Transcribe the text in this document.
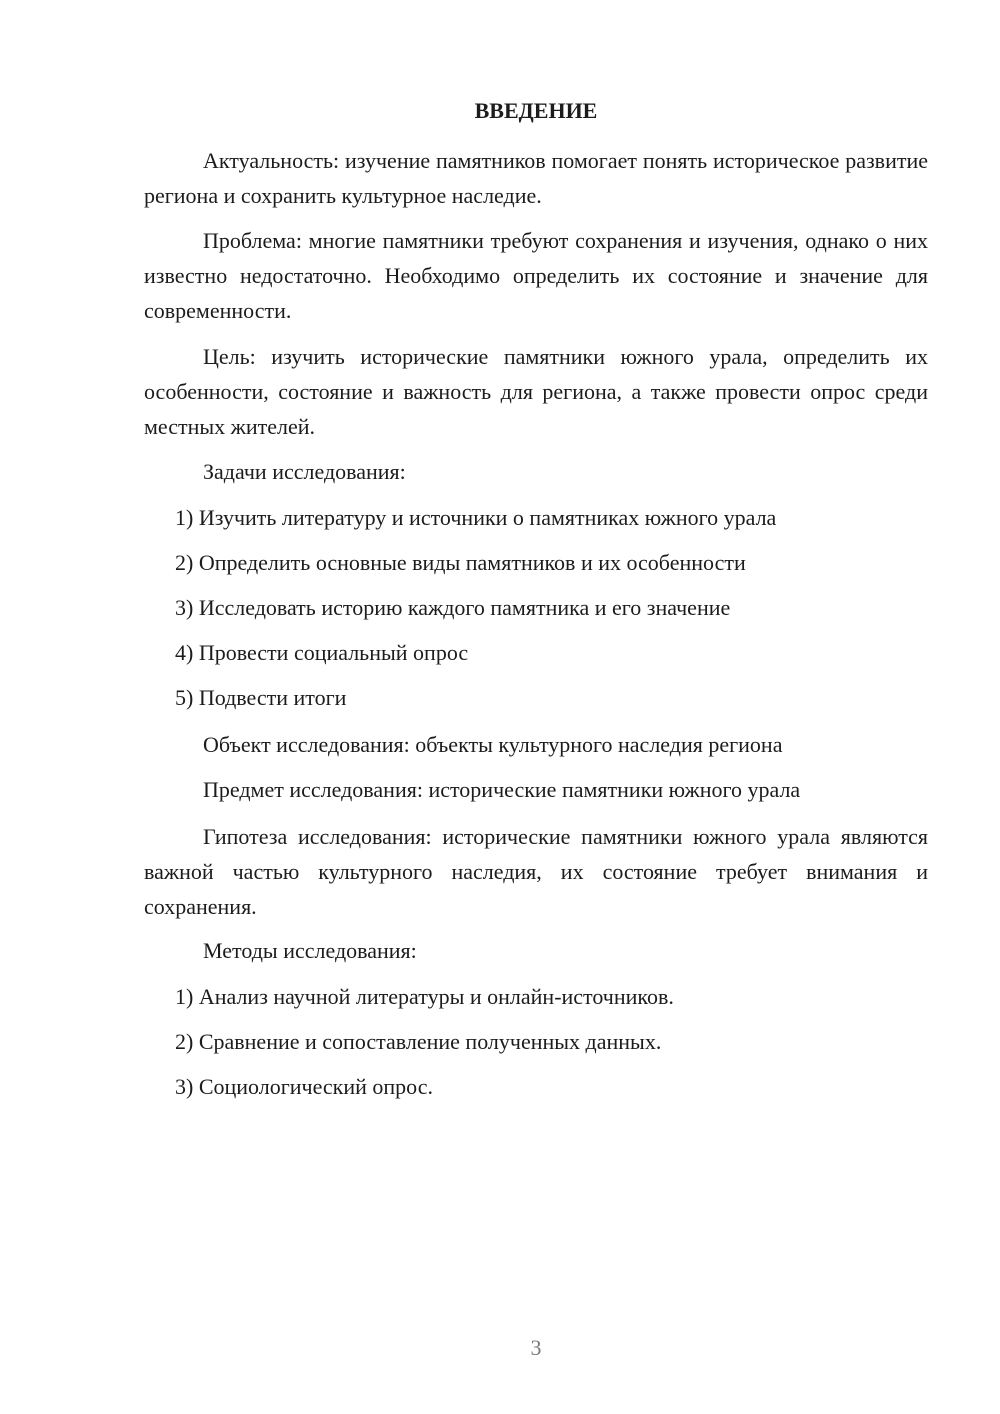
ВВЕДЕНИЕ

Актуальность: изучение памятников помогает понять историческое развитие региона и сохранить культурное наследие.

Проблема: многие памятники требуют сохранения и изучения, однако о них известно недостаточно. Необходимо определить их состояние и значение для современности.

Цель: изучить исторические памятники южного урала, определить их особенности, состояние и важность для региона, а также провести опрос среди местных жителей.

Задачи исследования:
1) Изучить литературу и источники о памятниках южного урала
2) Определить основные виды памятников и их особенности
3) Исследовать историю каждого памятника и его значение
4) Провести социальный опрос
5) Подвести итоги
Объект исследования: объекты культурного наследия региона
Предмет исследования: исторические памятники южного урала

Гипотеза исследования: исторические памятники южного урала являются важной частью культурного наследия, их состояние требует внимания и сохранения.

Методы исследования:
1) Анализ научной литературы и онлайн-источников.
2) Сравнение и сопоставление полученных данных.
3) Социологический опрос.
3
